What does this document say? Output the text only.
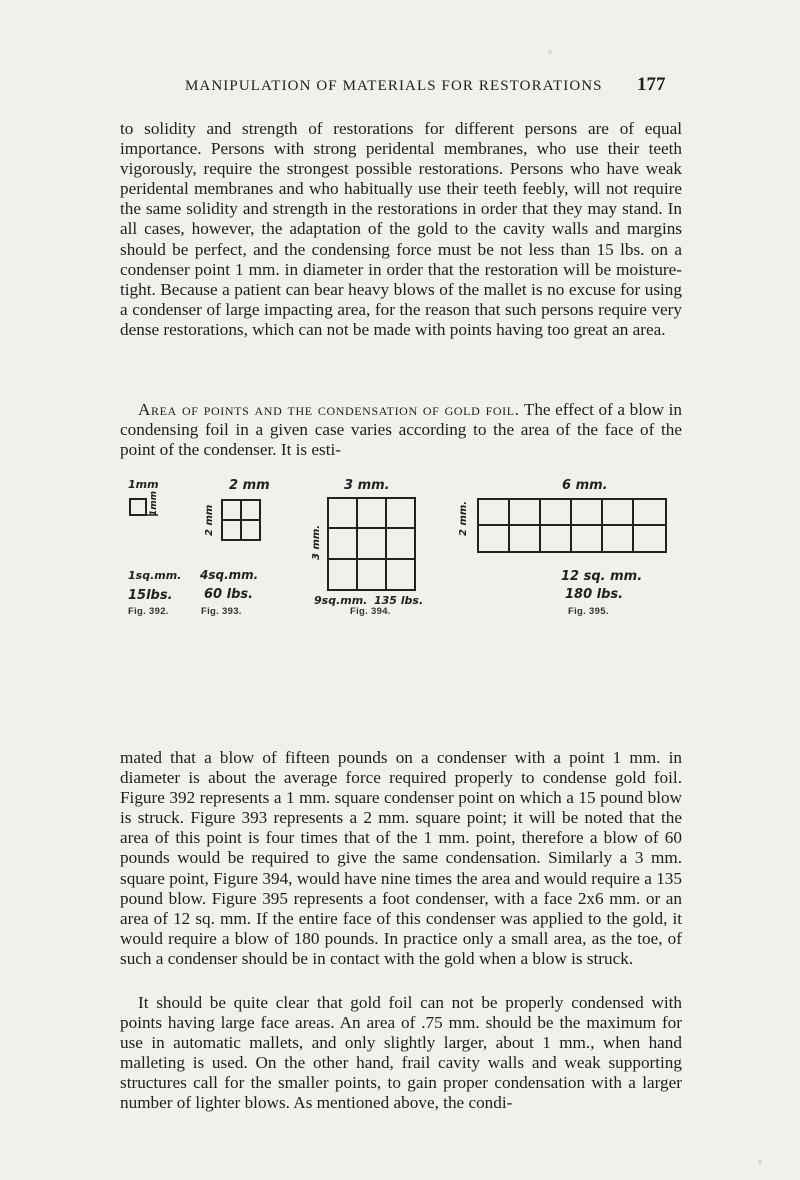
MANIPULATION OF MATERIALS FOR RESTORATIONS 177

to solidity and strength of restorations for different persons are of equal importance. Persons with strong peridental membranes, who use their teeth vigorously, require the strongest possible restorations. Persons who have weak peridental membranes and who habitually use their teeth feebly, will not require the same solidity and strength in the restorations in order that they may stand. In all cases, however, the adaptation of the gold to the cavity walls and margins should be perfect, and the condensing force must be not less than 15 lbs. on a condenser point 1 mm. in diameter in order that the restoration will be moisture-tight. Because a patient can bear heavy blows of the mallet is no excuse for using a condenser of large impacting area, for the reason that such persons require very dense restorations, which can not be made with points having too great an area.

Area of points and the condensation of gold foil. The effect of a blow in condensing foil in a given case varies according to the area of the face of the point of the condenser. It is esti-

1mm
1mm
1sq.mm.
15lbs.
Fig. 392.
2 mm
2 mm
4sq.mm.
60 lbs.
Fig. 393.
3 mm.
3 mm.
9sq.mm. 135 lbs.
Fig. 394.
6 mm.
2 mm.
12 sq. mm.
180 lbs.
Fig. 395.

mated that a blow of fifteen pounds on a condenser with a point 1 mm. in diameter is about the average force required properly to condense gold foil. Figure 392 represents a 1 mm. square condenser point on which a 15 pound blow is struck. Figure 393 represents a 2 mm. square point; it will be noted that the area of this point is four times that of the 1 mm. point, therefore a blow of 60 pounds would be required to give the same condensation. Similarly a 3 mm. square point, Figure 394, would have nine times the area and would require a 135 pound blow. Figure 395 represents a foot condenser, with a face 2x6 mm. or an area of 12 sq. mm. If the entire face of this condenser was applied to the gold, it would require a blow of 180 pounds. In practice only a small area, as the toe, of such a condenser should be in contact with the gold when a blow is struck.

It should be quite clear that gold foil can not be properly condensed with points having large face areas. An area of .75 mm. should be the maximum for use in automatic mallets, and only slightly larger, about 1 mm., when hand malleting is used. On the other hand, frail cavity walls and weak supporting structures call for the smaller points, to gain proper condensation with a larger number of lighter blows. As mentioned above, the condi-
